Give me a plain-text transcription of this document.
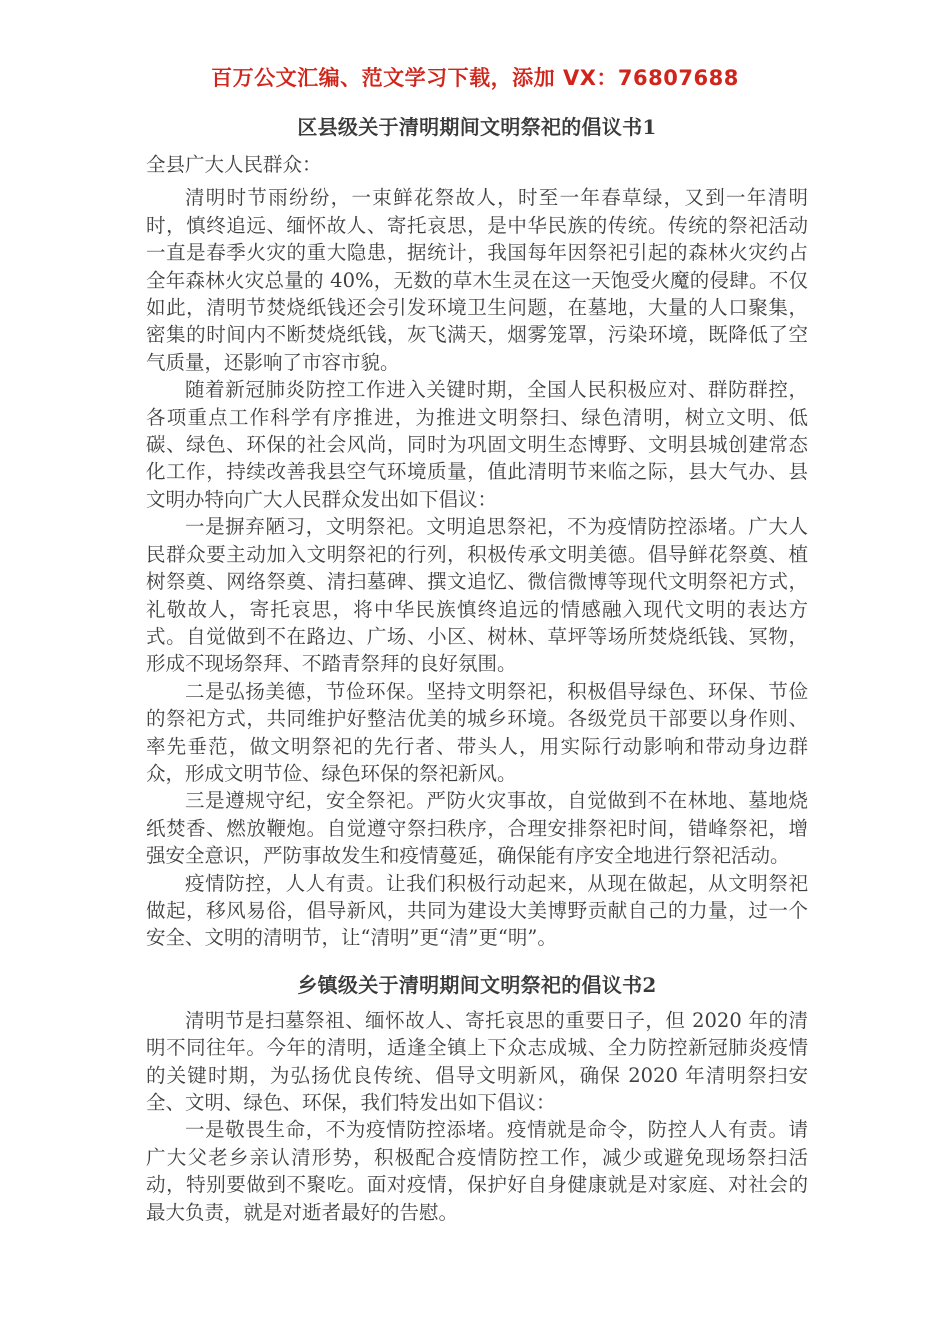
百万公文汇编、范文学习下载，添加 VX：76807688
区县级关于清明期间文明祭祀的倡议书1

全县广大人民群众：

清明时节雨纷纷，一束鲜花祭故人，时至一年春草绿，又到一年清明时，慎终追远、缅怀故人、寄托哀思，是中华民族的传统。传统的祭祀活动一直是春季火灾的重大隐患，据统计，我国每年因祭祀引起的森林火灾约占全年森林火灾总量的 40%，无数的草木生灵在这一天饱受火魔的侵肆。不仅如此，清明节焚烧纸钱还会引发环境卫生问题，在墓地，大量的人口聚集，密集的时间内不断焚烧纸钱，灰飞满天，烟雾笼罩，污染环境，既降低了空气质量，还影响了市容市貌。

随着新冠肺炎防控工作进入关键时期，全国人民积极应对、群防群控，各项重点工作科学有序推进，为推进文明祭扫、绿色清明，树立文明、低碳、绿色、环保的社会风尚，同时为巩固文明生态博野、文明县城创建常态化工作，持续改善我县空气环境质量，值此清明节来临之际，县大气办、县文明办特向广大人民群众发出如下倡议：

一是摒弃陋习，文明祭祀。文明追思祭祀，不为疫情防控添堵。广大人民群众要主动加入文明祭祀的行列，积极传承文明美德。倡导鲜花祭奠、植树祭奠、网络祭奠、清扫墓碑、撰文追忆、微信微博等现代文明祭祀方式，礼敬故人，寄托哀思，将中华民族慎终追远的情感融入现代文明的表达方式。自觉做到不在路边、广场、小区、树林、草坪等场所焚烧纸钱、冥物，形成不现场祭拜、不踏青祭拜的良好氛围。

二是弘扬美德，节俭环保。坚持文明祭祀，积极倡导绿色、环保、节俭的祭祀方式，共同维护好整洁优美的城乡环境。各级党员干部要以身作则、率先垂范，做文明祭祀的先行者、带头人，用实际行动影响和带动身边群众，形成文明节俭、绿色环保的祭祀新风。

三是遵规守纪，安全祭祀。严防火灾事故，自觉做到不在林地、墓地烧纸焚香、燃放鞭炮。自觉遵守祭扫秩序，合理安排祭祀时间，错峰祭祀，增强安全意识，严防事故发生和疫情蔓延，确保能有序安全地进行祭祀活动。

疫情防控，人人有责。让我们积极行动起来，从现在做起，从文明祭祀做起，移风易俗，倡导新风，共同为建设大美博野贡献自己的力量，过一个安全、文明的清明节，让“清明”更“清”更“明”。

乡镇级关于清明期间文明祭祀的倡议书2

清明节是扫墓祭祖、缅怀故人、寄托哀思的重要日子，但 2020 年的清明不同往年。今年的清明，适逢全镇上下众志成城、全力防控新冠肺炎疫情的关键时期，为弘扬优良传统、倡导文明新风，确保 2020 年清明祭扫安全、文明、绿色、环保，我们特发出如下倡议：

一是敬畏生命，不为疫情防控添堵。疫情就是命令，防控人人有责。请广大父老乡亲认清形势，积极配合疫情防控工作，减少或避免现场祭扫活动，特别要做到不聚吃。面对疫情，保护好自身健康就是对家庭、对社会的最大负责，就是对逝者最好的告慰。
